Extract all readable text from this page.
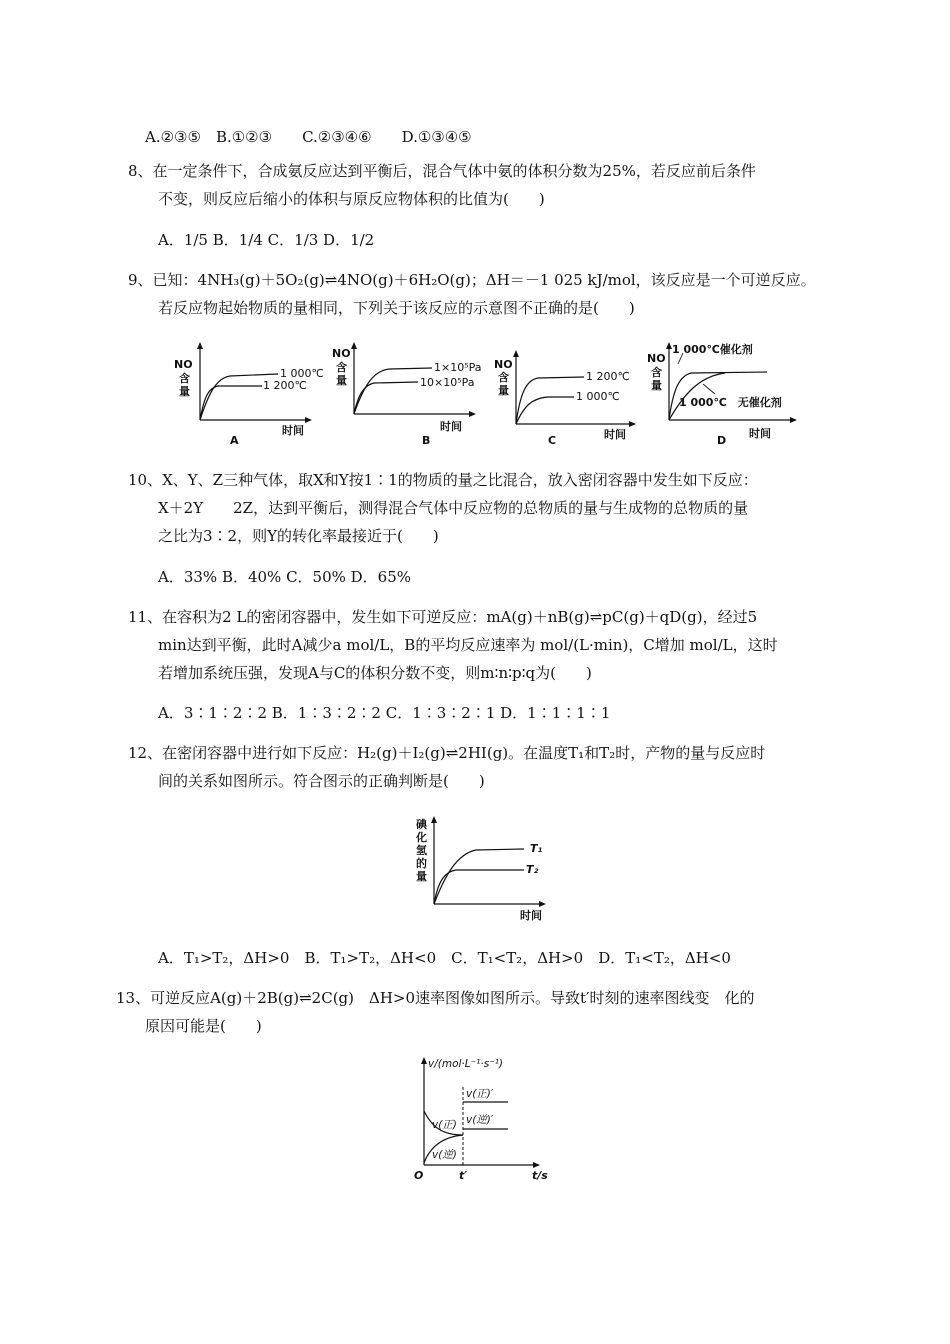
A.②③⑤　B.①②③　　C.②③④⑥　　D.①③④⑤
8、在一定条件下，合成氨反应达到平衡后，混合气体中氨的体积分数为25%，若反应前后条件
不变，则反应后缩小的体积与原反应物体积的比值为(　　)
A．1/5 B．1/4 C．1/3 D．1/2
9、已知：4NH₃(g)＋5O₂(g)⇌4NO(g)＋6H₂O(g)；ΔH＝－1 025 kJ/mol，该反应是一个可逆反应。
若反应物起始物质的量相同，下列关于该反应的示意图不正确的是(　　)
NO
含
量
1 000℃
1 200℃
时间
A
NO
含
量
1×10⁵Pa
10×10⁵Pa
时间
B
NO
含
量
1 200℃
1 000℃
时间
C
NO
含
量
1 000℃催化剂
1 000℃　无催化剂
时间
D
10、X、Y、Z三种气体，取X和Y按1∶1的物质的量之比混合，放入密闭容器中发生如下反应：
X＋2Y　　2Z，达到平衡后，测得混合气体中反应物的总物质的量与生成物的总物质的量
之比为3∶2，则Y的转化率最接近于(　　)
A．33% B．40% C．50% D．65%
11、在容积为2 L的密闭容器中，发生如下可逆反应：mA(g)＋nB(g)⇌pC(g)＋qD(g)，经过5
min达到平衡，此时A减少a mol/L，B的平均反应速率为 mol/(L·min)，C增加 mol/L，这时
若增加系统压强，发现A与C的体积分数不变，则m∶n∶p∶q为(　　)
A．3∶1∶2∶2 B．1∶3∶2∶2 C．1∶3∶2∶1 D．1∶1∶1∶1
12、在密闭容器中进行如下反应：H₂(g)＋I₂(g)⇌2HI(g)。在温度T₁和T₂时，产物的量与反应时
间的关系如图所示。符合图示的正确判断是(　　)
碘
化
氢
的
量
T₁
T₂
时间
A．T₁>T₂，ΔH>0　B．T₁>T₂，ΔH<0　C．T₁<T₂，ΔH>0　D．T₁<T₂，ΔH<0
13、可逆反应A(g)＋2B(g)⇌2C(g)　ΔH>0速率图像如图所示。导致t′时刻的速率图线变　化的
原因可能是(　　)
v/(mol·L⁻¹·s⁻¹)
v(正)
v(逆)
v(正)′
v(逆)′
O	t′	t/s
